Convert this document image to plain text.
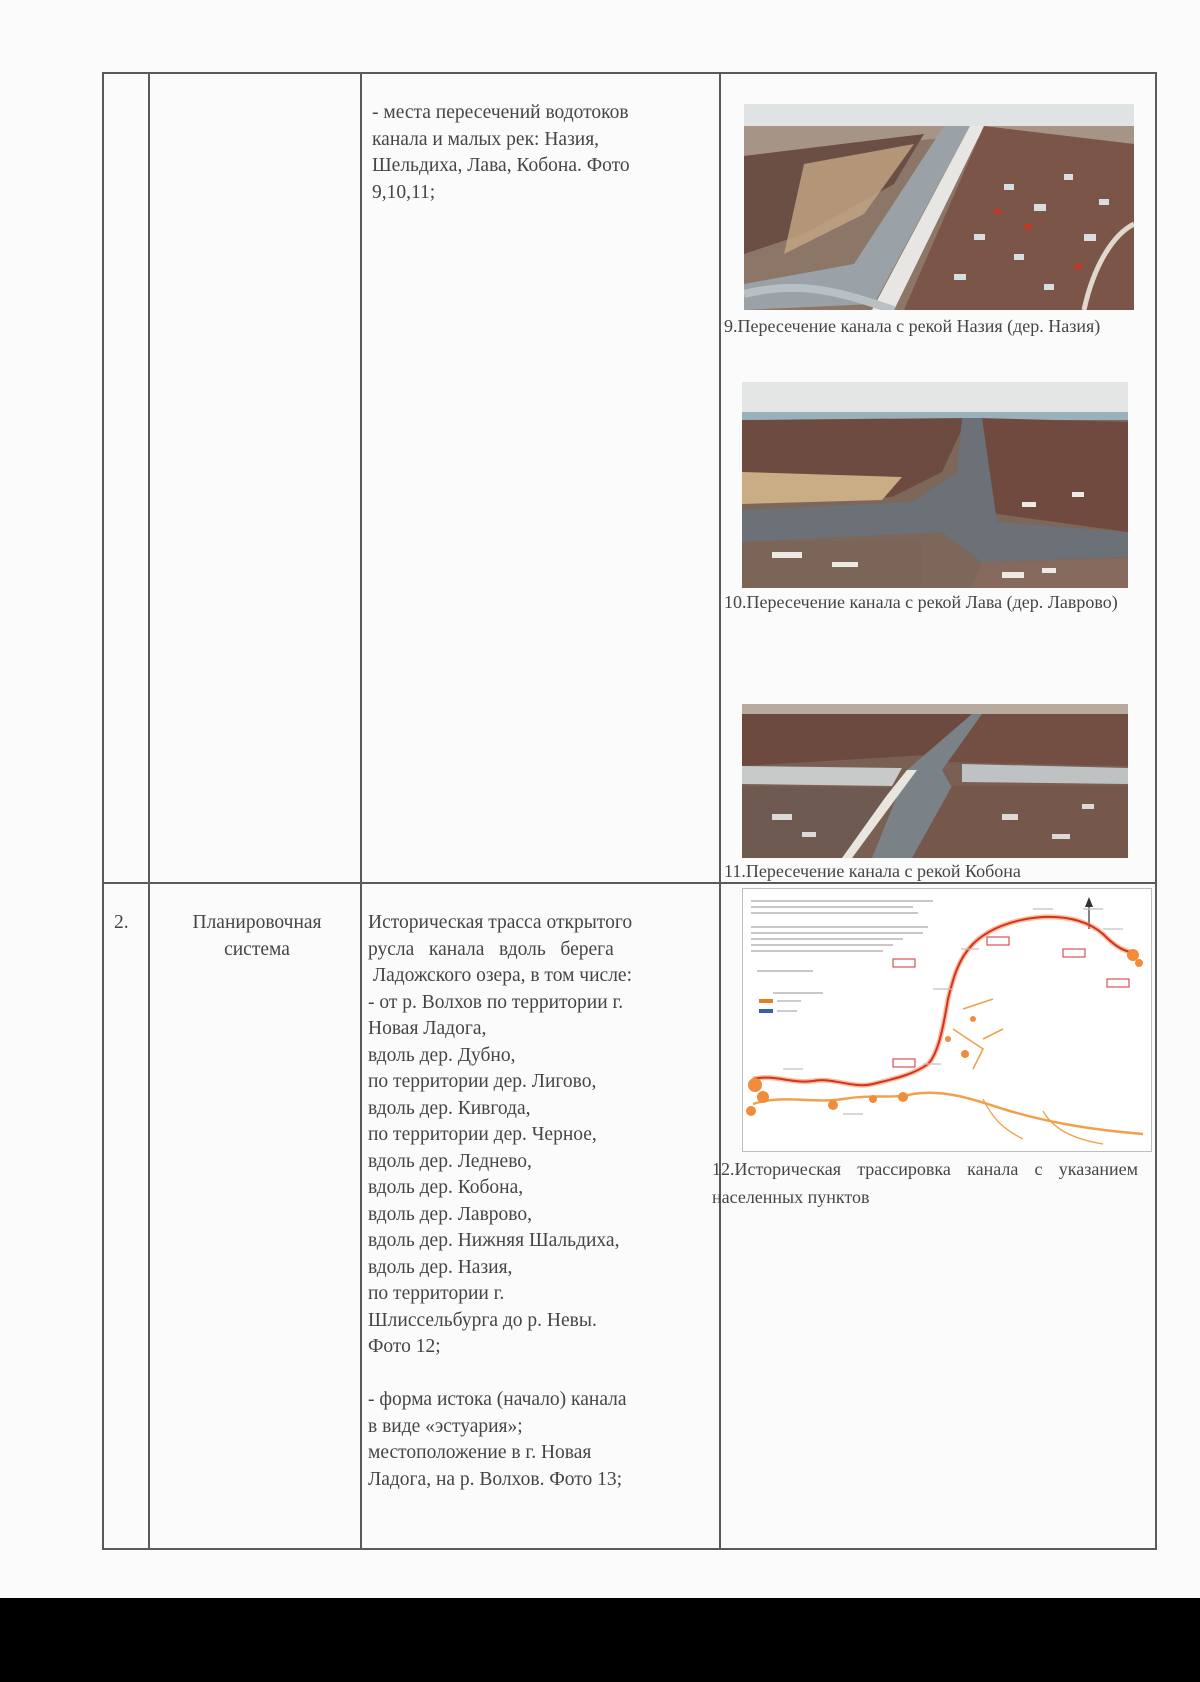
- места пересечений водотоков
канала и малых рек: Назия,
Шельдиха, Лава, Кобона. Фото
9,10,11;
9.Пересечение канала с рекой Назия (дер. Назия)
10.Пересечение канала с рекой Лава (дер. Лаврово)
11.Пересечение канала с рекой Кобона
2.	Планировочная
система
Историческая трасса открытого
русла   канала   вдоль   берега
Ладожского озера, в том числе:
- от р. Волхов по территории г.
Новая Ладога,
вдоль дер. Дубно,
по территории дер. Лигово,
вдоль дер. Кивгода,
по территории дер. Черное,
вдоль дер. Леднево,
вдоль дер. Кобона,
вдоль дер. Лаврово,
вдоль дер. Нижняя Шальдиха,
вдоль дер. Назия,
по территории г.
Шлиссельбурга до р. Невы.
Фото 12;

- форма истока (начало) канала
в виде «эстуария»;
местоположение в г. Новая
Ладога, на р. Волхов. Фото 13;
12.Историческая трассировка канала с указанием населенных пунктов
